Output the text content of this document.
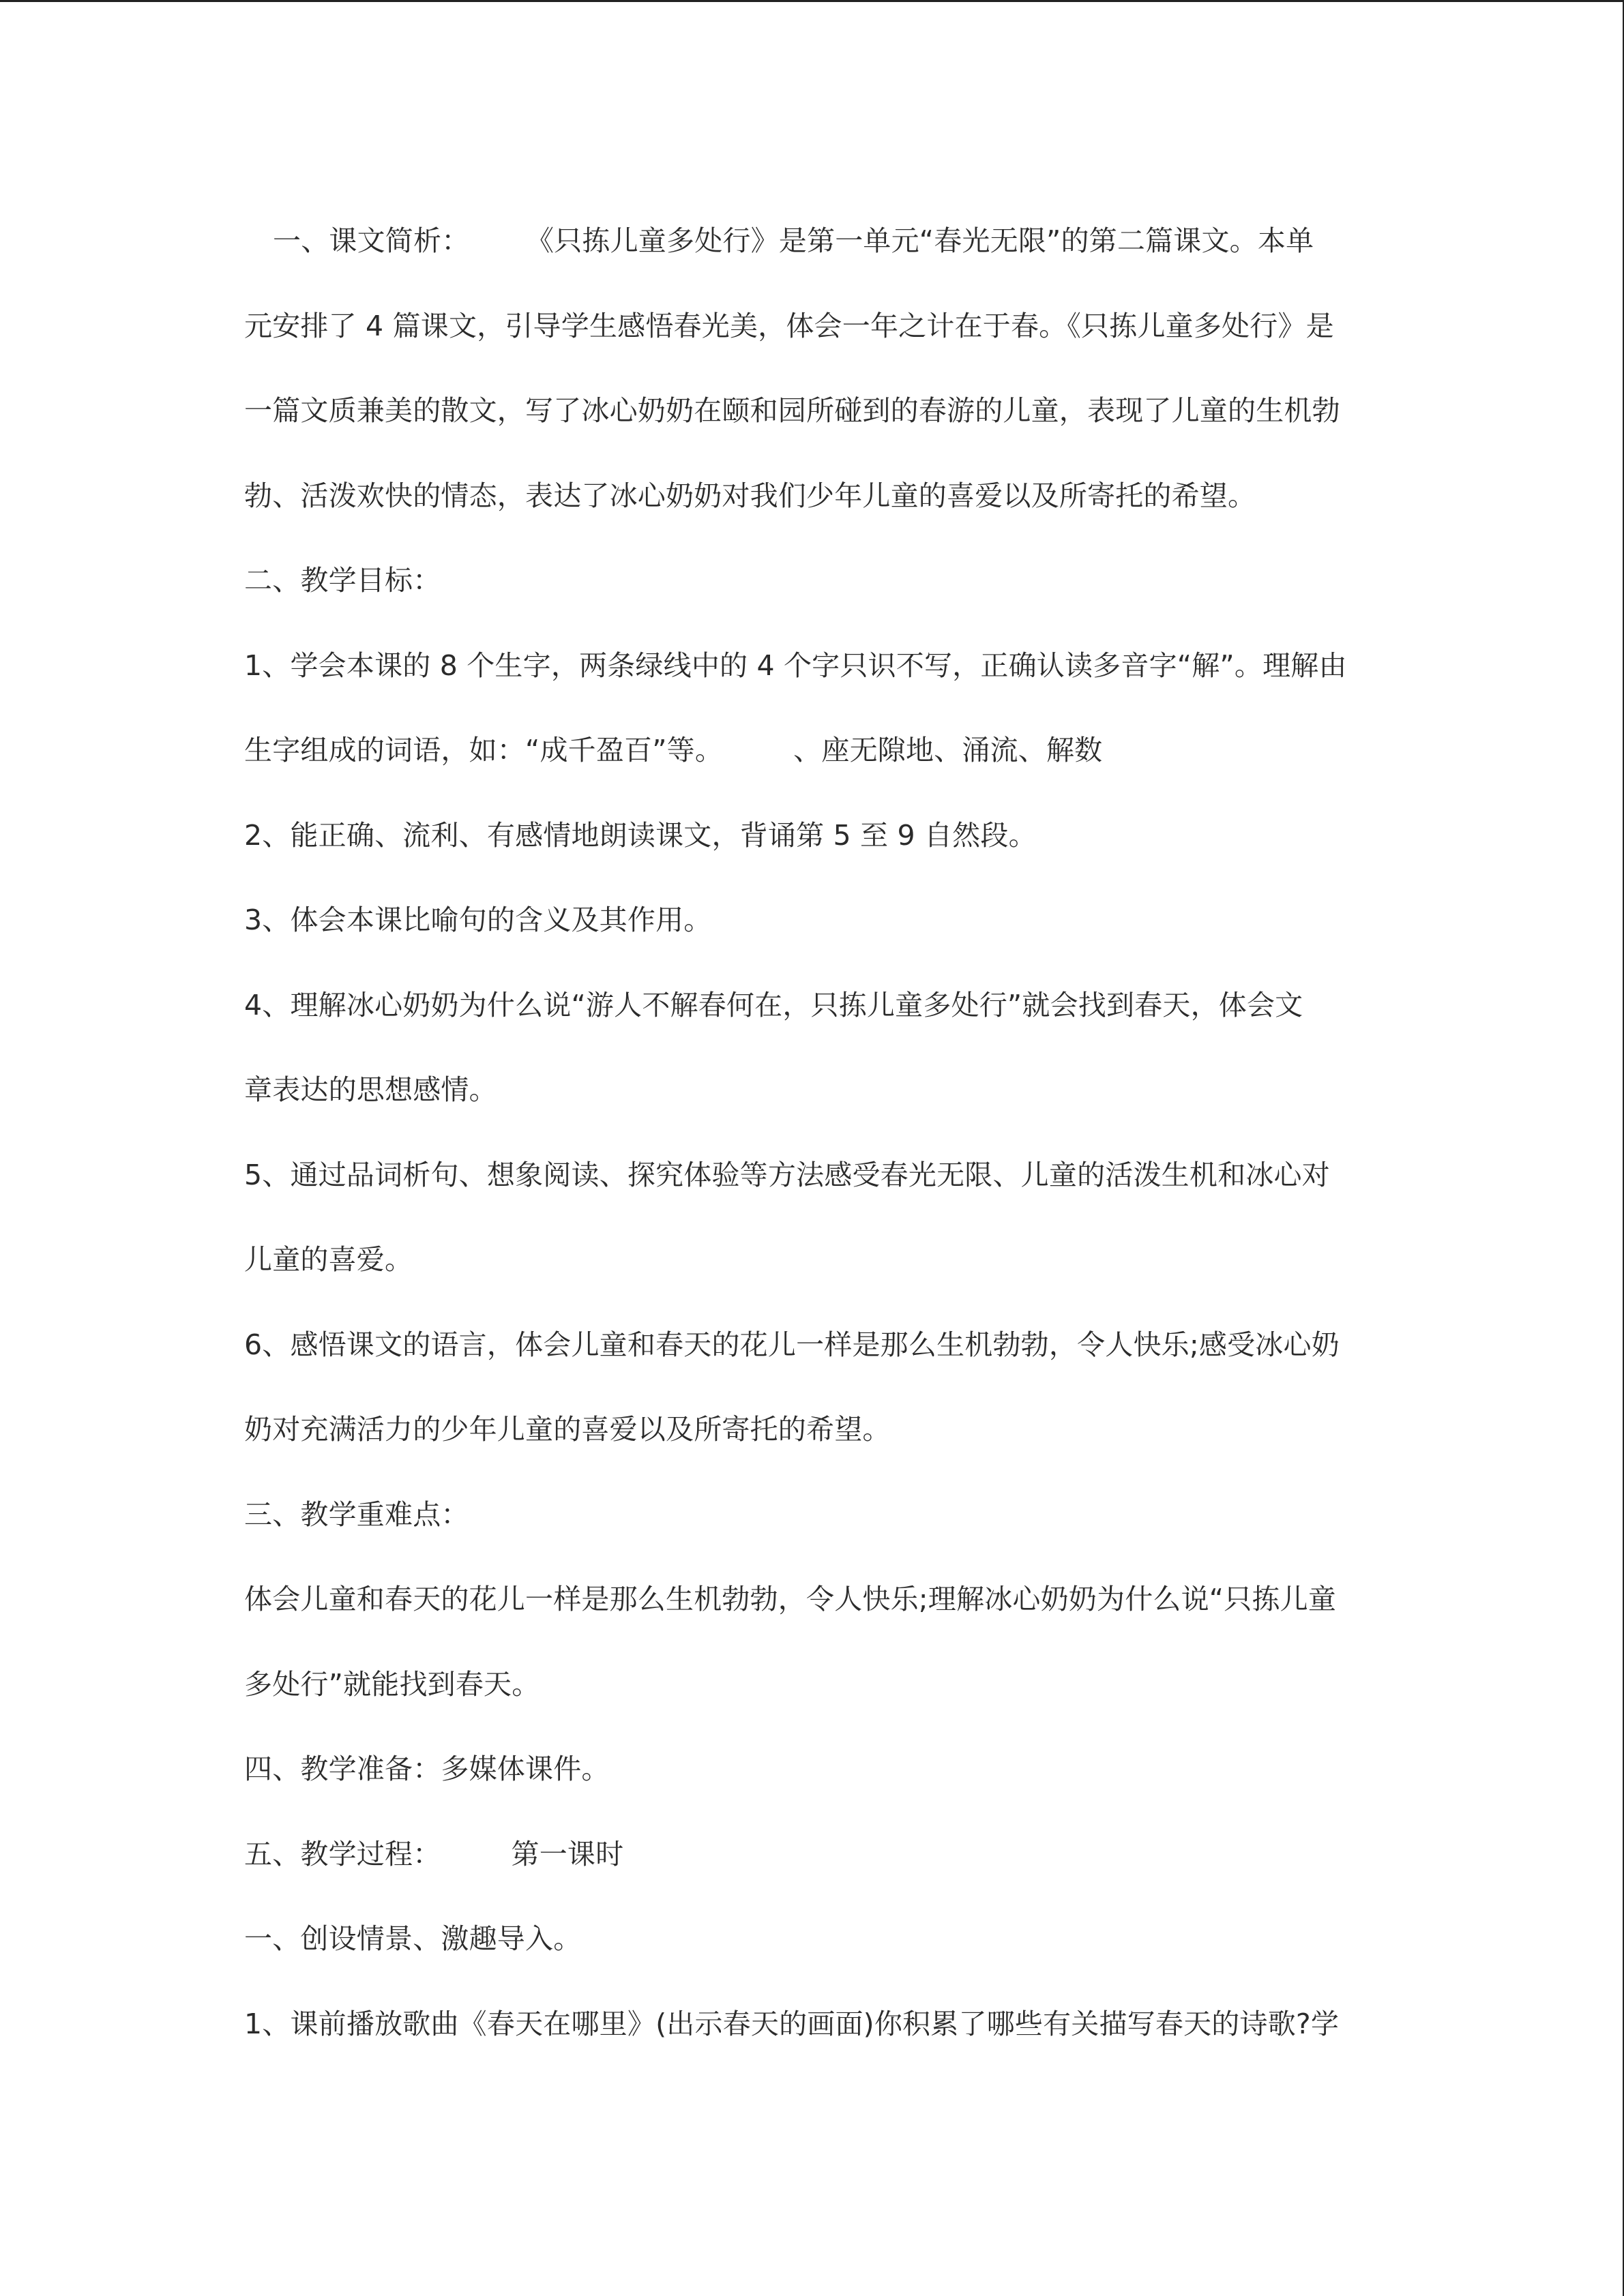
一、课文简析：　　　《只拣儿童多处行》是第一单元“春光无限”的第二篇课文。本单
元安排了 4 篇课文，引导学生感悟春光美，体会一年之计在于春。《只拣儿童多处行》是
一篇文质兼美的散文，写了冰心奶奶在颐和园所碰到的春游的儿童，表现了儿童的生机勃
勃、活泼欢快的情态，表达了冰心奶奶对我们少年儿童的喜爱以及所寄托的希望。
二、教学目标：
1、学会本课的 8 个生字，两条绿线中的 4 个字只识不写，正确认读多音字“解”。理解由
生字组成的词语，如：“成千盈百”等。　　　、座无隙地、涌流、解数
2、能正确、流利、有感情地朗读课文，背诵第 5 至 9 自然段。
3、体会本课比喻句的含义及其作用。
4、理解冰心奶奶为什么说“游人不解春何在，只拣儿童多处行”就会找到春天，体会文
章表达的思想感情。
5、通过品词析句、想象阅读、探究体验等方法感受春光无限、儿童的活泼生机和冰心对
儿童的喜爱。
6、感悟课文的语言，体会儿童和春天的花儿一样是那么生机勃勃，令人快乐;感受冰心奶
奶对充满活力的少年儿童的喜爱以及所寄托的希望。
三、教学重难点：
体会儿童和春天的花儿一样是那么生机勃勃，令人快乐;理解冰心奶奶为什么说“只拣儿童
多处行”就能找到春天。
四、教学准备：多媒体课件。
五、教学过程：　　　第一课时
一、创设情景、激趣导入。
1、课前播放歌曲《春天在哪里》(出示春天的画面)你积累了哪些有关描写春天的诗歌?学
